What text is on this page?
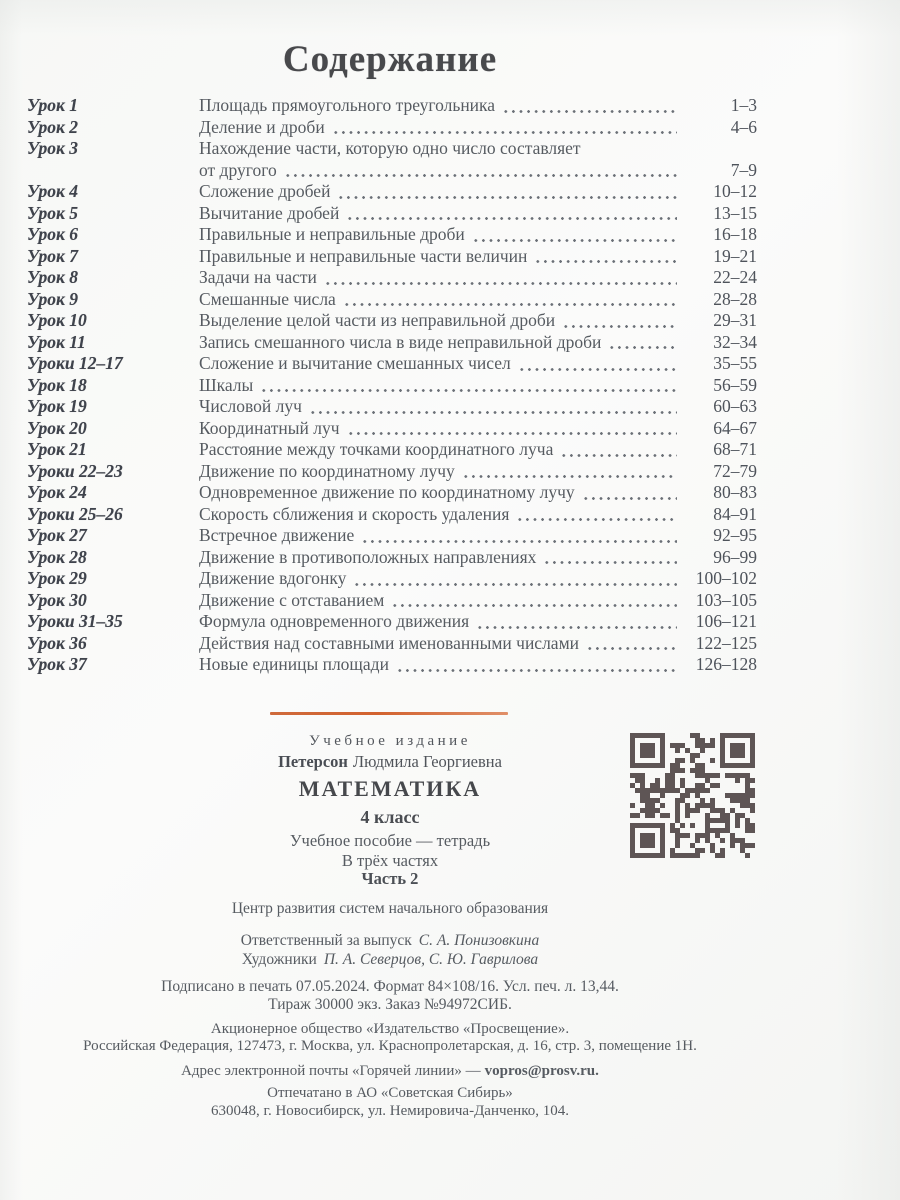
Содержание
Урок 1	Площадь прямоугольного треугольника	1–3
Урок 2	Деление и дроби	4–6
Урок 3	Нахождение части, которую одно число составляет
от другого	7–9
Урок 4	Сложение дробей	10–12
Урок 5	Вычитание дробей	13–15
Урок 6	Правильные и неправильные дроби	16–18
Урок 7	Правильные и неправильные части величин	19–21
Урок 8	Задачи на части	22–24
Урок 9	Смешанные числа	28–28
Урок 10	Выделение целой части из неправильной дроби	29–31
Урок 11	Запись смешанного числа в виде неправильной дроби	32–34
Уроки 12–17	Сложение и вычитание смешанных чисел	35–55
Урок 18	Шкалы	56–59
Урок 19	Числовой луч	60–63
Урок 20	Координатный луч	64–67
Урок 21	Расстояние между точками координатного луча	68–71
Уроки 22–23	Движение по координатному лучу	72–79
Урок 24	Одновременное движение по координатному лучу	80–83
Уроки 25–26	Скорость сближения и скорость удаления	84–91
Урок 27	Встречное движение	92–95
Урок 28	Движение в противоположных направлениях	96–99
Урок 29	Движение вдогонку	100–102
Урок 30	Движение с отставанием	103–105
Уроки 31–35	Формула одновременного движения	106–121
Урок 36	Действия над составными именованными числами	122–125
Урок 37	Новые единицы площади	126–128
Учебное издание
Петерсон Людмила Георгиевна
МАТЕМАТИКА
4 класс
Учебное пособие — тетрадь
В трёх частях
Часть 2
Центр развития систем начального образования
Ответственный за выпуск С. А. Понизовкина
Художники П. А. Северцов, С. Ю. Гаврилова
Подписано в печать 07.05.2024. Формат 84×108/16. Усл. печ. л. 13,44.
Тираж 30000 экз. Заказ №94972СИБ.
Акционерное общество «Издательство «Просвещение».
Российская Федерация, 127473, г. Москва, ул. Краснопролетарская, д. 16, стр. 3, помещение 1Н.
Адрес электронной почты «Горячей линии» — vopros@prosv.ru.
Отпечатано в АО «Советская Сибирь»
630048, г. Новосибирск, ул. Немировича-Данченко, 104.
